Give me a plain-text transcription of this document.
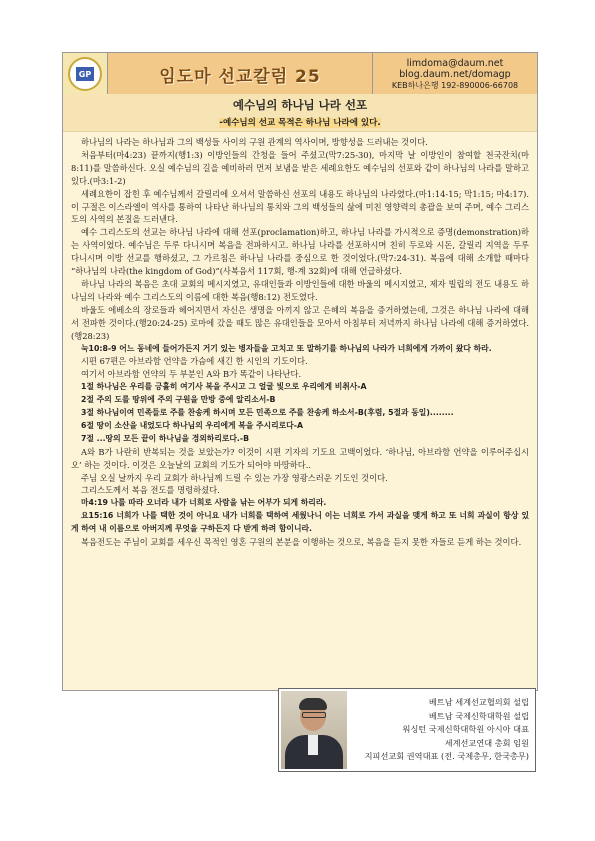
GP	임도마 선교칼럼 25
limdoma@daum.net
blog.daum.net/domagp
KEB하나은행 192-890006-66708
예수님의 하나님 나라 선포
-예수님의 선교 목적은 하나님 나라에 있다.

하나님의 나라는 하나님과 그의 백성들 사이의 구원 관계의 역사이며, 방향성을 드러내는 것이다.

처음부터(마4:23) 끝까지(행1:3) 이방인들의 간청을 들어 주셨고(막7:25-30), 마지막 날 이방인이 참여할 천국잔치(마8:11)를 말씀하신다. 오실 예수님의 길을 예비하러 먼저 보냄을 받은 세례요한도 예수님의 선포와 같이 하나님의 나라를 말하고 있다.(마3:1-2)

세례요한이 잡힌 후 예수님께서 갈릴리에 오셔서 말씀하신 선포의 내용도 하나님의 나라였다.(마1:14-15; 막1:15; 마4:17). 이 구절은 이스라엘이 역사를 통하여 나타난 하나님의 통치와 그의 백성들의 삶에 미친 영향력의 총괄을 보여 주며, 예수 그리스도의 사역의 본질을 드러낸다.

예수 그리스도의 선교는 하나님 나라에 대해 선포(proclamation)하고, 하나님 나라를 가시적으로 증명(demonstration)하는 사역이었다. 예수님은 두루 다니시며 복음을 전파하시고. 하나님 나라를 선포하시며 친히 두로와 시돈, 갈릴리 지역을 두루 다니시며 이방 선교를 행하셨고, 그 가르침은 하나님 나라를 중심으로 한 것이었다.(막7:24-31). 복음에 대해 소개할 때마다 “하나님의 나라(the kingdom of God)”(사복음서 117회, 행-계 32회)에 대해 언급하셨다.

하나님 나라의 복음은 초대 교회의 메시지였고, 유대인들과 이방인들에 대한 바울의 메시지였고, 제자 빌립의 전도 내용도 하나님의 나라와 예수 그리스도의 이름에 대한 복음(행8:12) 전도였다.

바울도 에베소의 장로들과 헤어지면서 자신은 생명을 아끼지 않고 은혜의 복음을 증거하였는데, 그것은 하나님 나라에 대해서 전파한 것이다.(행20:24-25) 로마에 갔을 때도 많은 유대인들을 모아서 아침부터 저녁까지 하나님 나라에 대해 증거하였다.(행28:23)

눅10:8-9 어느 동네에 들어가든지 거기 있는 병자들을 고치고 또 말하기를 하나님의 나라가 너희에게 가까이 왔다 하라.

시편 67편은 아브라함 언약을 가슴에 새긴 한 시인의 기도이다.

여기서 아브라함 언약의 두 부분인 A와 B가 똑같이 나타난다.

1절 하나님은 우리를 긍휼히 여기사 복을 주시고 그 얼굴 빛으로 우리에게 비취사-A

2절 주의 도를 땅위에 주의 구원을 만방 중에 알리소서-B

3절 하나님이여 민족들로 주를 찬송케 하시며 모든 민족으로 주를 찬송케 하소서-B(후렴, 5절과 동일)........

6절 땅이 소산을 내었도다 하나님의 우리에게 복을 주시리로다-A

7절 ...땅의 모든 끝이 하나님을 경외하리로다.-B

A와 B가 나란히 반복되는 것을 보았는가? 이것이 시편 기자의 기도요 고백이었다. ‘하나님, 아브라함 언약을 이루어주십시오’ 하는 것이다. 이것은 오늘날의 교회의 기도가 되어야 마땅하다..

주님 오실 날까지 우리 교회가 하나님께 드릴 수 있는 가장 영광스러운 기도인 것이다.

그리스도께서 복음 전도를 명령하셨다.

마4:19 나를 따라 오너라 내가 너희로 사람을 낚는 어부가 되게 하리라.

요15:16 너희가 나를 택한 것이 아니요 내가 너희를 택하여 세웠나니 이는 너희로 가서 과실을 맺게 하고 또 너희 과실이 항상 있게 하여 내 이름으로 아버지께 무엇을 구하든지 다 받게 하려 함이니라.

복음전도는 주님이 교회를 세우신 목적인 영혼 구원의 본분을 이행하는 것으로, 복음을 듣지 못한 자들로 듣게 하는 것이다.

베트남 세계선교협의회 설립
베트남 국제신학대학원 설립
워싱턴 국제신학대학원 아시아 대표
세계선교연대 총회 임원
지피선교회 권역대표 (전. 국제총무, 한국총무)
